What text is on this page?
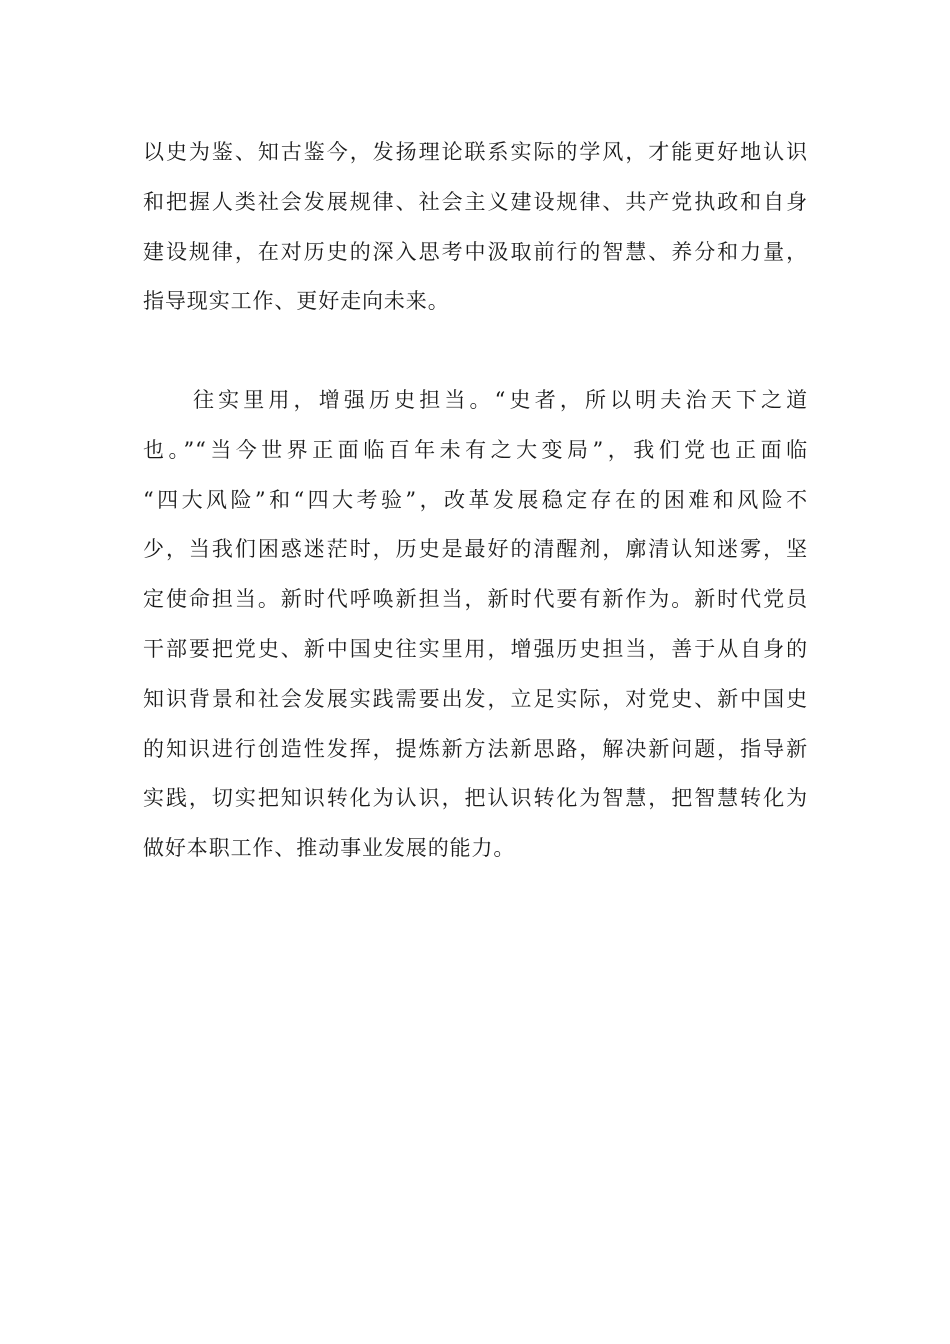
以史为鉴、知古鉴今，发扬理论联系实际的学风，才能更好地认识
和把握人类社会发展规律、社会主义建设规律、共产党执政和自身
建设规律，在对历史的深入思考中汲取前行的智慧、养分和力量，
指导现实工作、更好走向未来。
往实里用，增强历史担当。“史者，所以明夫治天下之道
也。”“当今世界正面临百年未有之大变局”，我们党也正面临
“四大风险”和“四大考验”，改革发展稳定存在的困难和风险不
少，当我们困惑迷茫时，历史是最好的清醒剂，廓清认知迷雾，坚
定使命担当。新时代呼唤新担当，新时代要有新作为。新时代党员
干部要把党史、新中国史往实里用，增强历史担当，善于从自身的
知识背景和社会发展实践需要出发，立足实际，对党史、新中国史
的知识进行创造性发挥，提炼新方法新思路，解决新问题，指导新
实践，切实把知识转化为认识，把认识转化为智慧，把智慧转化为
做好本职工作、推动事业发展的能力。
